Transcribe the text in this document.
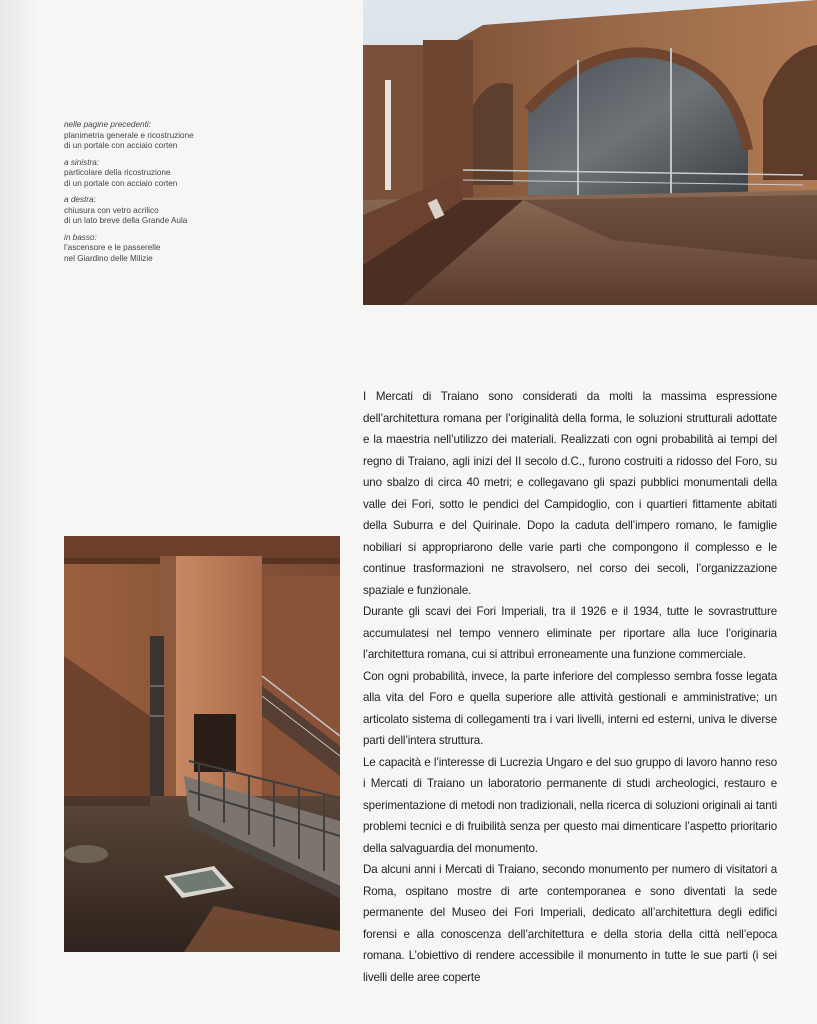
nelle pagine precedenti:
planimetria generale e ricostruzione
di un portale con acciaio corten
a sinistra:
particolare della ricostruzione
di un portale con acciaio corten
a destra:
chiusura con vetro acrilico
di un lato breve della Grande Aula
in basso:
l’ascensore e le passerelle
nel Giardino delle Milizie

I Mercati di Traiano sono considerati da molti la massima espressione dell’architettura romana per l’originalità della forma, le soluzioni strutturali adottate e la maestria nell’utilizzo dei materiali. Realizzati con ogni probabilità ai tempi del regno di Traiano, agli inizi del II secolo d.C., furono costruiti a ridosso del Foro, su uno sbalzo di circa 40 metri; e collegavano gli spazi pubblici monumentali della valle dei Fori, sotto le pendici del Campidoglio, con i quartieri fittamente abitati della Suburra e del Quirinale. Dopo la caduta dell’impero romano, le famiglie nobiliari si appropriarono delle varie parti che compongono il complesso e le continue trasformazioni ne stravolsero, nel corso dei secoli, l’organizzazione spaziale e funzionale.

Durante gli scavi dei Fori Imperiali, tra il 1926 e il 1934, tutte le sovrastrutture accumulatesi nel tempo vennero eliminate per riportare alla luce l’originaria l’architettura romana, cui si attribuì erroneamente una funzione commerciale.

Con ogni probabilità, invece, la parte inferiore del complesso sembra fosse legata alla vita del Foro e quella superiore alle attività gestionali e amministrative; un articolato sistema di collegamenti tra i vari livelli, interni ed esterni, univa le diverse parti dell’intera struttura.

Le capacità e l’interesse di Lucrezia Ungaro e del suo gruppo di lavoro hanno reso i Mercati di Traiano un laboratorio permanente di studi archeologici, restauro e sperimentazione di metodi non tradizionali, nella ricerca di soluzioni originali ai tanti problemi tecnici e di fruibilità senza per questo mai dimenticare l’aspetto prioritario della salvaguardia del monumento.

Da alcuni anni i Mercati di Traiano, secondo monumento per numero di visitatori a Roma, ospitano mostre di arte contemporanea e sono diventati la sede permanente del Museo dei Fori Imperiali, dedicato all’architettura degli edifici forensi e alla conoscenza dell’architettura e della storia della città nell’epoca romana. L’obiettivo di rendere accessibile il monumento in tutte le sue parti (i sei livelli delle aree coperte
